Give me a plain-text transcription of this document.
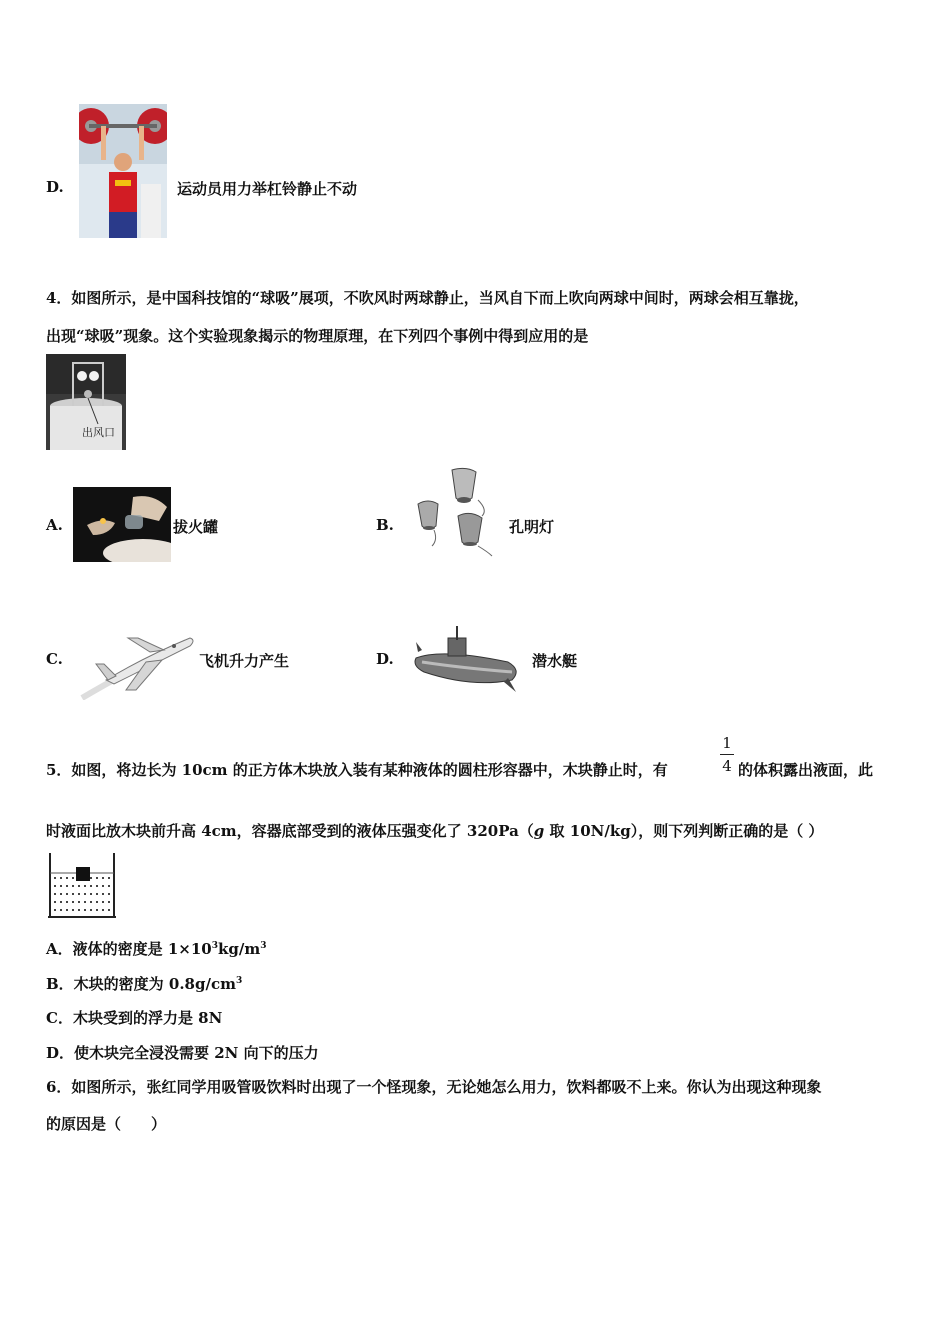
D.	运动员用力举杠铃静止不动
4．如图所示，是中国科技馆的“球吸”展项，不吹风时两球静止，当风自下而上吹向两球中间时，两球会相互靠拢，
出现“球吸”现象。这个实验现象揭示的物理原理，在下列四个事例中得到应用的是
出风口
A.	拔火罐	B.	孔明灯
C.	飞机升力产生	D.	潜水艇
5．如图，将边长为 10cm 的正方体木块放入装有某种液体的圆柱形容器中，木块静止时，有
1
4 的体积露出液面，此
时液面比放木块前升高 4cm，容器底部受到的液体压强变化了 320Pa（g 取 10N/kg），则下列判断正确的是（ ）
A．液体的密度是 $1\times 10^3kg/m^3$
B．木块的密度为 $0.8g/cm^3$
C．木块受到的浮力是 8N
D．使木块完全浸没需要 2N 向下的压力
6．如图所示，张红同学用吸管吸饮料时出现了一个怪现象，无论她怎么用力，饮料都吸不上来。你认为出现这种现象
的原因是（　　）
